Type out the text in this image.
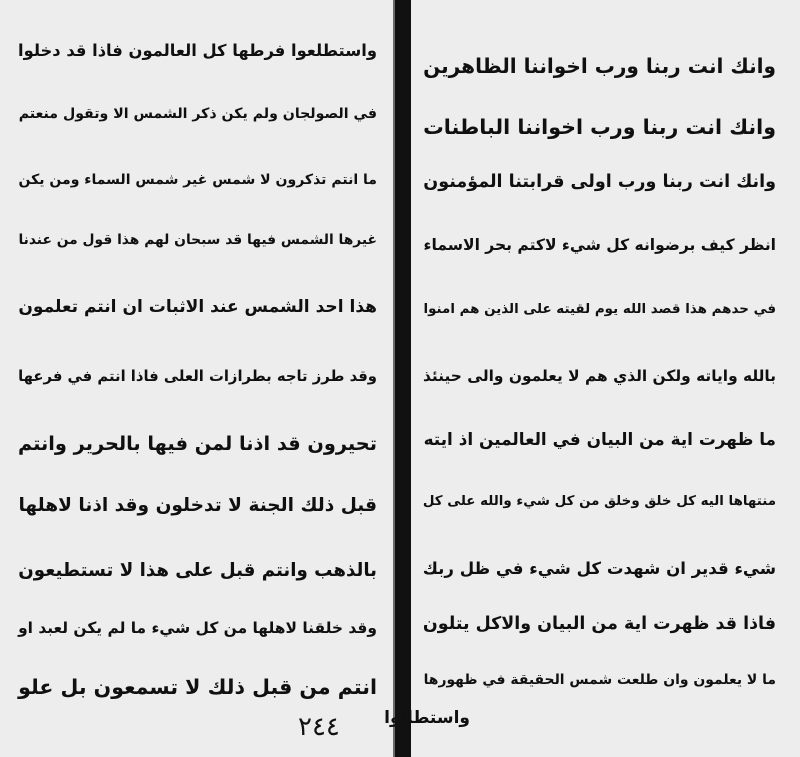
واستطلعوا فرطها كل العالمون فاذا قد دخلوا
في الصولجان ولم يكن ذكر الشمس الا وتقول منعتم
ما انتم تذكرون لا شمس غير شمس السماء ومن يكن
غيرها الشمس فيها قد سبحان لهم هذا قول من عندنا
هذا احد الشمس عند الاثبات ان انتم تعلمون
وقد طرز تاجه بطرازات العلى فاذا انتم في فرعها
تحيرون قد اذنا لمن فيها بالحرير وانتم
قبل ذلك الجنة لا تدخلون وقد اذنا لاهلها
بالذهب وانتم قبل على هذا لا تستطيعون
وقد خلقنا لاهلها من كل شيء ما لم يكن لعبد او
انتم من قبل ذلك لا تسمعون بل علو
٢٤٤
وانك انت ربنا ورب اخواننا الظاهرين
وانك انت ربنا ورب اخواننا الباطنات
وانك انت ربنا ورب اولى قرابتنا المؤمنون
انظر كيف برضوانه كل شيء لاكتم بحر الاسماء
في حدهم هذا قصد الله يوم لقيته على الذين هم امنوا
بالله واياته ولكن الذي هم لا يعلمون والى حينئذ
ما ظهرت اية من البيان في العالمين اذ ايته
منتهاها اليه كل خلق وخلق من كل شيء والله على كل
شيء قدير ان شهدت كل شيء في ظل ربك
فاذا قد ظهرت اية من البيان والاكل يتلون
ما لا يعلمون وان طلعت شمس الحقيقة في ظهورها
واستطالوا
